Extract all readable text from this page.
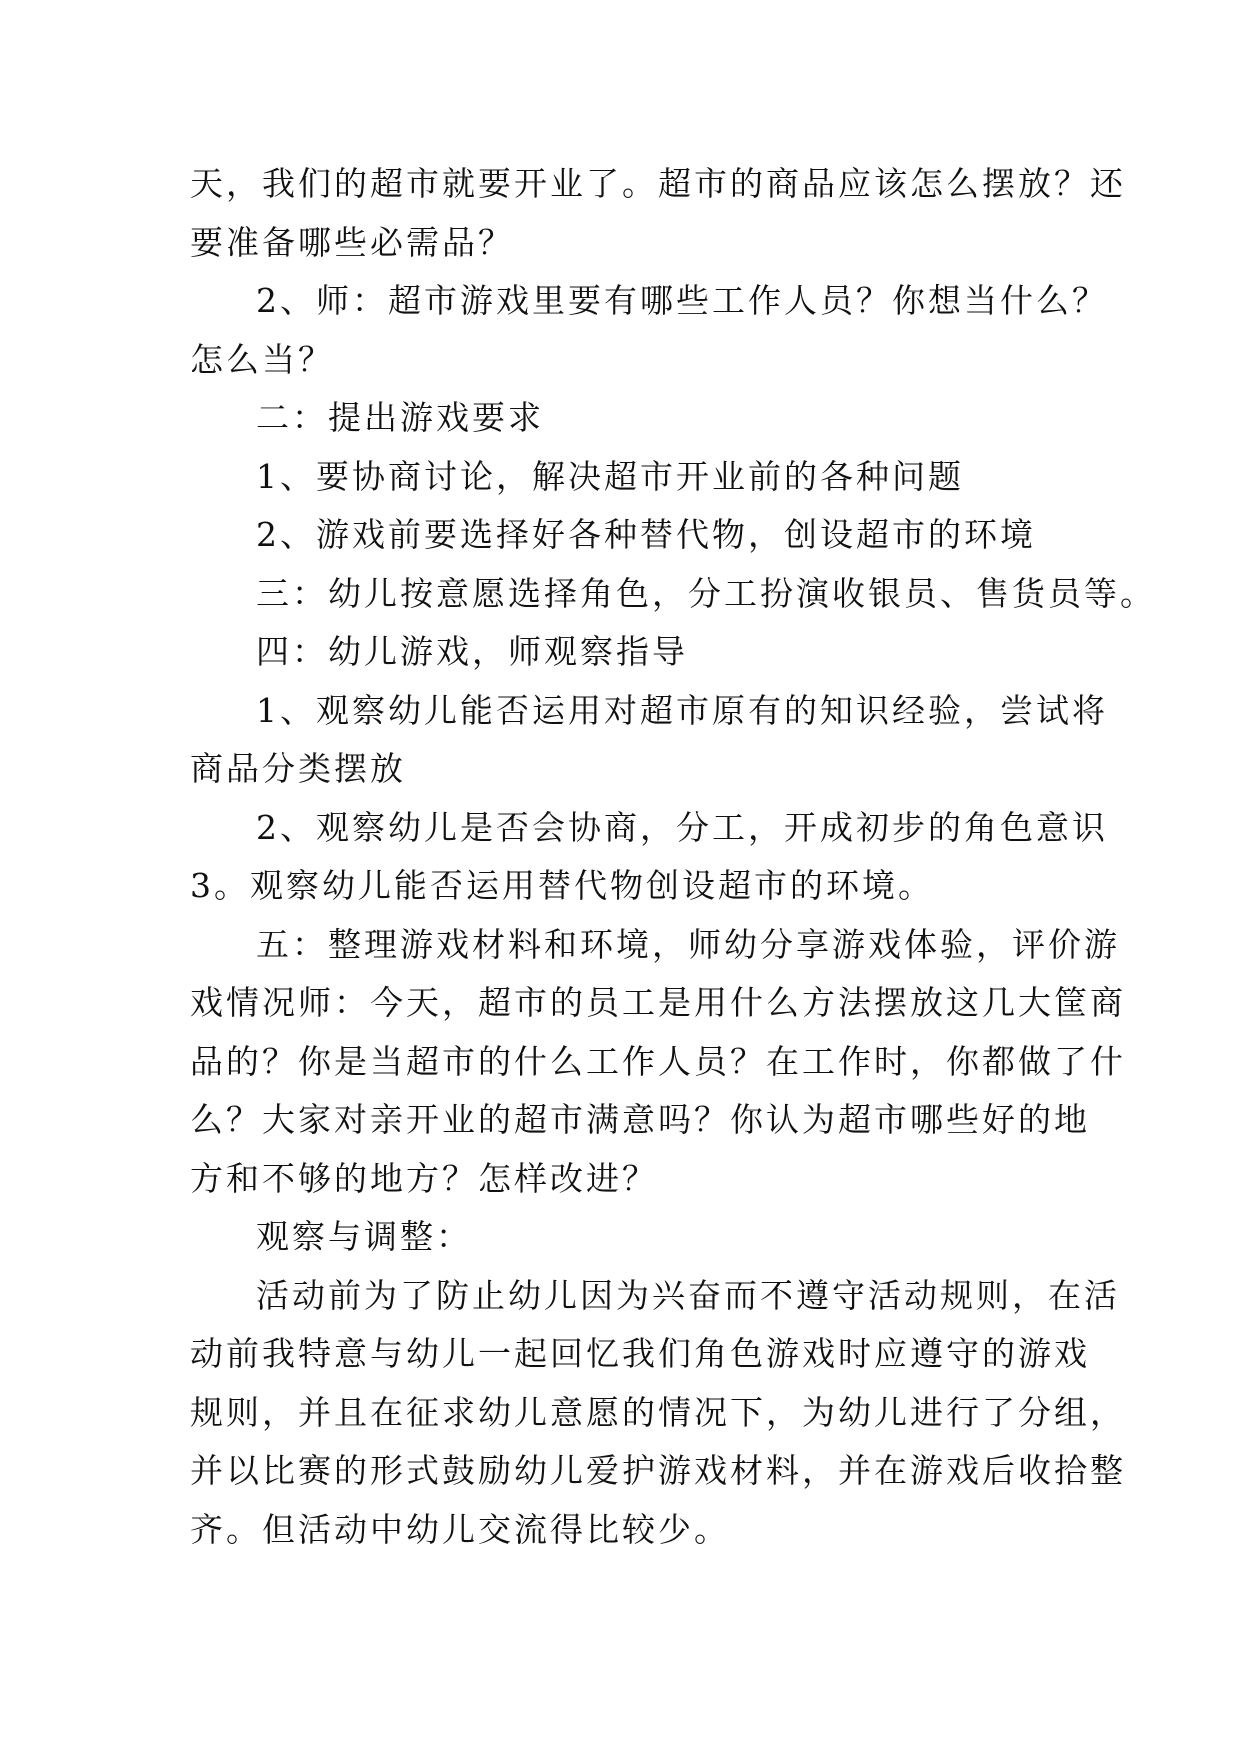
天，我们的超市就要开业了。超市的商品应该怎么摆放？还
要准备哪些必需品？
2、师：超市游戏里要有哪些工作人员？你想当什么？
怎么当？
二：提出游戏要求
1、要协商讨论，解决超市开业前的各种问题
2、游戏前要选择好各种替代物，创设超市的环境
三：幼儿按意愿选择角色，分工扮演收银员、售货员等。
四：幼儿游戏，师观察指导
1、观察幼儿能否运用对超市原有的知识经验，尝试将
商品分类摆放
2、观察幼儿是否会协商，分工，开成初步的角色意识
3。观察幼儿能否运用替代物创设超市的环境。
五：整理游戏材料和环境，师幼分享游戏体验，评价游
戏情况师：今天，超市的员工是用什么方法摆放这几大筐商
品的？你是当超市的什么工作人员？在工作时，你都做了什
么？大家对亲开业的超市满意吗？你认为超市哪些好的地
方和不够的地方？怎样改进？
观察与调整：
活动前为了防止幼儿因为兴奋而不遵守活动规则，在活
动前我特意与幼儿一起回忆我们角色游戏时应遵守的游戏
规则，并且在征求幼儿意愿的情况下，为幼儿进行了分组，
并以比赛的形式鼓励幼儿爱护游戏材料，并在游戏后收拾整
齐。但活动中幼儿交流得比较少。
